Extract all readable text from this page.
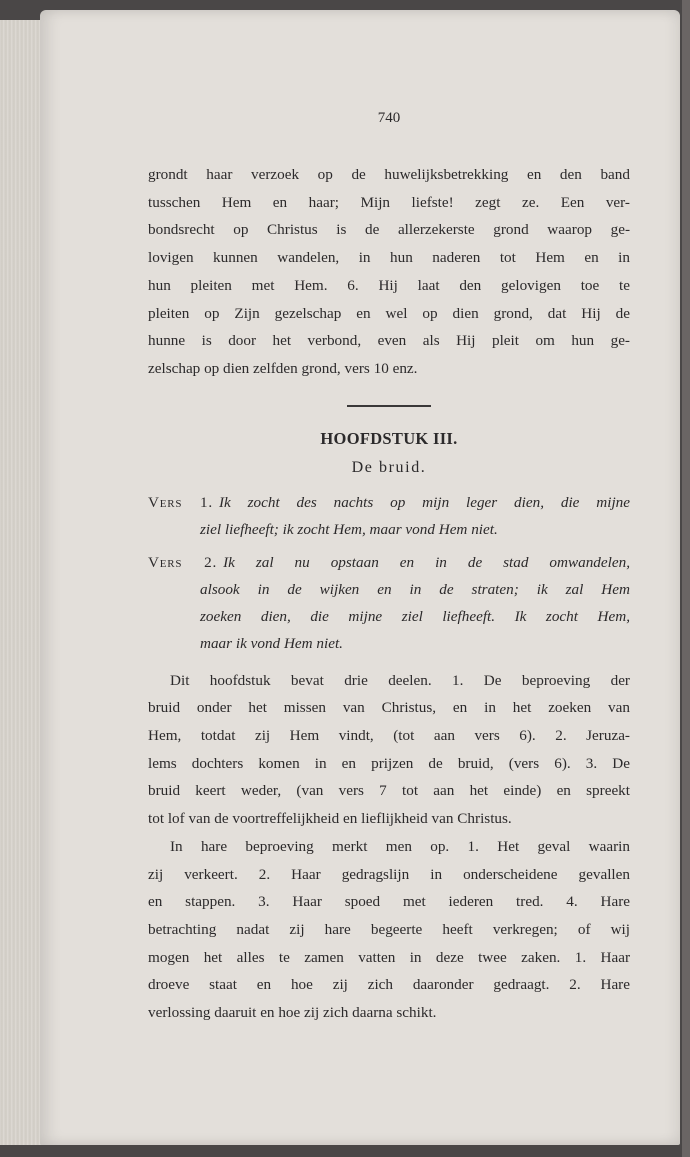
740

grondt haar verzoek op de huwelijksbetrekking en den band
tusschen Hem en haar; Mijn liefste! zegt ze. Een ver-
bondsrecht op Christus is de allerzekerste grond waarop ge-
lovigen kunnen wandelen, in hun naderen tot Hem en in
hun pleiten met Hem. 6. Hij laat den gelovigen toe te
pleiten op Zijn gezelschap en wel op dien grond, dat Hij de
hunne is door het verbond, even als Hij pleit om hun ge-
zelschap op dien zelfden grond, vers 10 enz.

HOOFDSTUK III.
De bruid.
Vers 1. Ik zocht des nachts op mijn leger dien, die mijne
ziel liefheeft; ik zocht Hem, maar vond Hem niet.
Vers 2. Ik zal nu opstaan en in de stad omwandelen,
alsook in de wijken en in de straten; ik zal Hem
zoeken dien, die mijne ziel liefheeft. Ik zocht Hem,
maar ik vond Hem niet.

Dit hoofdstuk bevat drie deelen. 1. De beproeving der
bruid onder het missen van Christus, en in het zoeken van
Hem, totdat zij Hem vindt, (tot aan vers 6). 2. Jeruza-
lems dochters komen in en prijzen de bruid, (vers 6). 3. De
bruid keert weder, (van vers 7 tot aan het einde) en spreekt
tot lof van de voortreffelijkheid en lieflijkheid van Christus.

In hare beproeving merkt men op. 1. Het geval waarin
zij verkeert. 2. Haar gedragslijn in onderscheidene gevallen
en stappen. 3. Haar spoed met iederen tred. 4. Hare
betrachting nadat zij hare begeerte heeft verkregen; of wij
mogen het alles te zamen vatten in deze twee zaken. 1. Haar
droeve staat en hoe zij zich daaronder gedraagt. 2. Hare
verlossing daaruit en hoe zij zich daarna schikt.
